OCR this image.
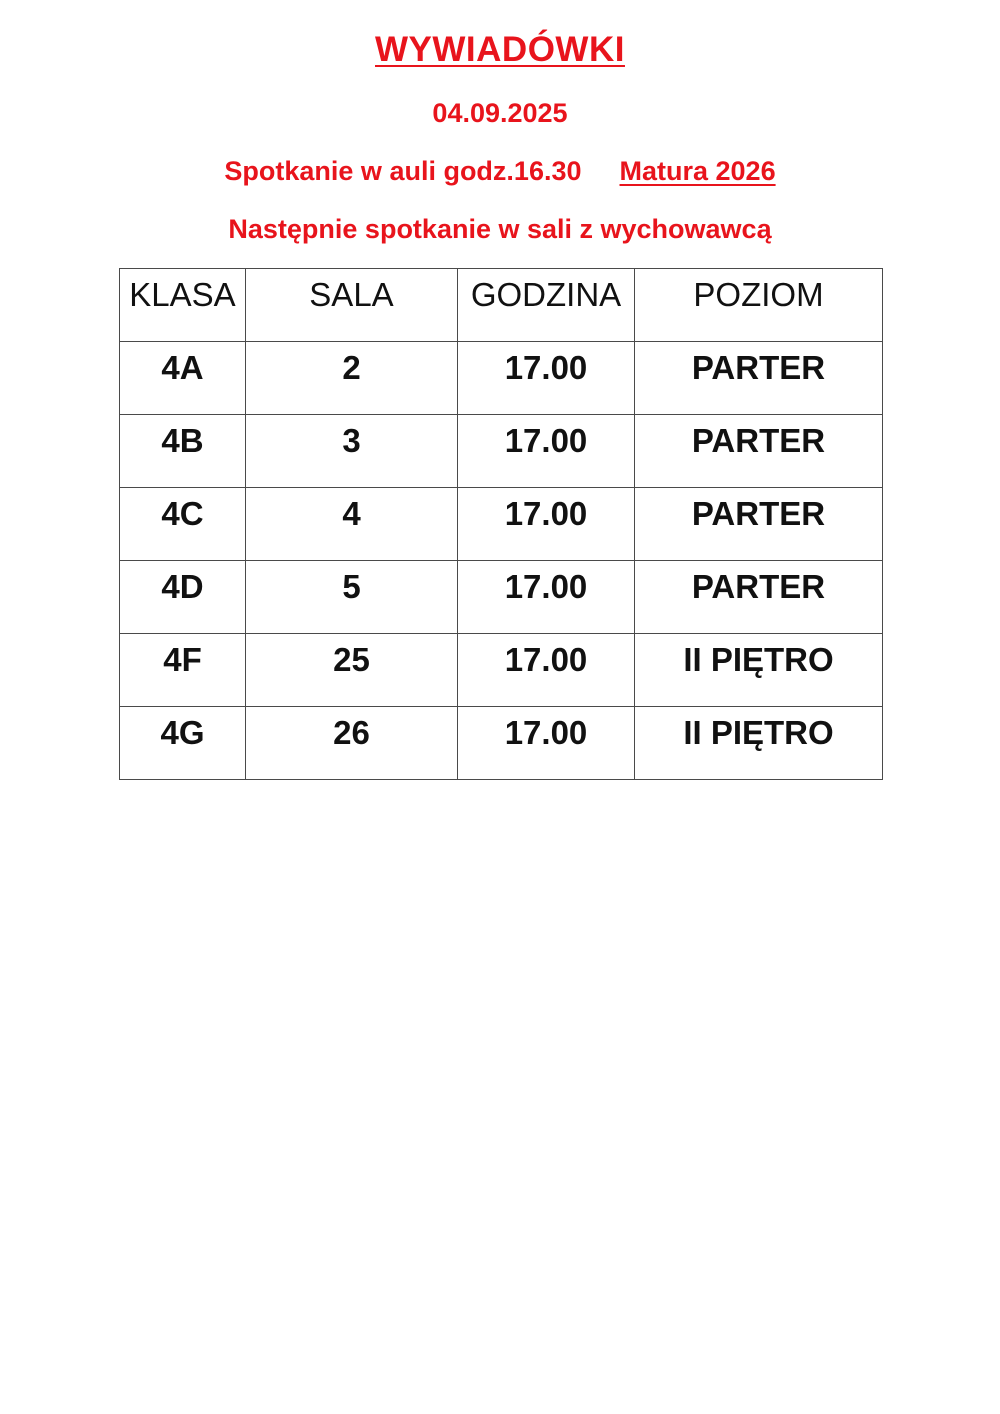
WYWIADÓWKI
04.09.2025
Spotkanie w auli godz.16.30 Matura 2026
Następnie spotkanie w sali z wychowawcą
KLASA	SALA	GODZINA	POZIOM
4A	2	17.00	PARTER
4B	3	17.00	PARTER
4C	4	17.00	PARTER
4D	5	17.00	PARTER
4F	25	17.00	II PIĘTRO
4G	26	17.00	II PIĘTRO
